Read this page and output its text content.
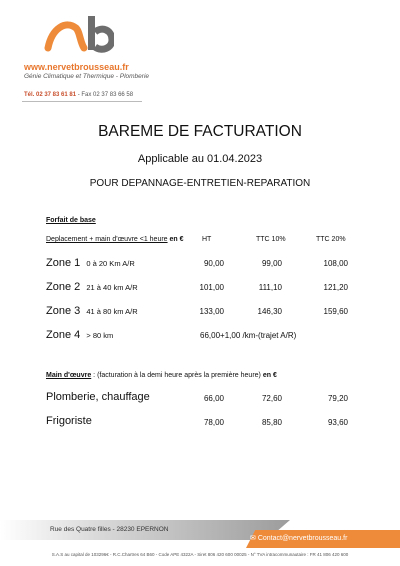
www.nervetbrousseau.fr
Génie Climatique et Thermique - Plomberie
Tél. 02 37 83 61 81 - Fax 02 37 83 66 58
BAREME DE FACTURATION
Applicable au 01.04.2023
POUR DEPANNAGE-ENTRETIEN-REPARATION
Forfait de base
Deplacement + main d'œuvre <1 heure en €	HT	TTC 10%	TTC 20%
Zone 1 0 à 20 Km A/R	90,00	99,00	108,00
Zone 2 21 à 40 km A/R	101,00	111,10	121,20
Zone 3 41 à 80 km A/R	133,00	146,30	159,60
Zone 4 > 80 km	66,00+1,00 /km-(trajet A/R)
Main d'œuvre : (facturation à la demi heure après la première heure) en €
Plomberie, chauffage	66,00	72,60	79,20
Frigoriste	78,00	85,80	93,60
Rue des Quatre filles - 28230 EPERNON
✉ Contact@nervetbrousseau.fr
S.A.S au capital de 103296€ - R.C.Chartres 64 B60 - Code APE 4322A - Siret 806 420 600 00025 - N° TVA intracommunautaire : FR 41 806 420 600
